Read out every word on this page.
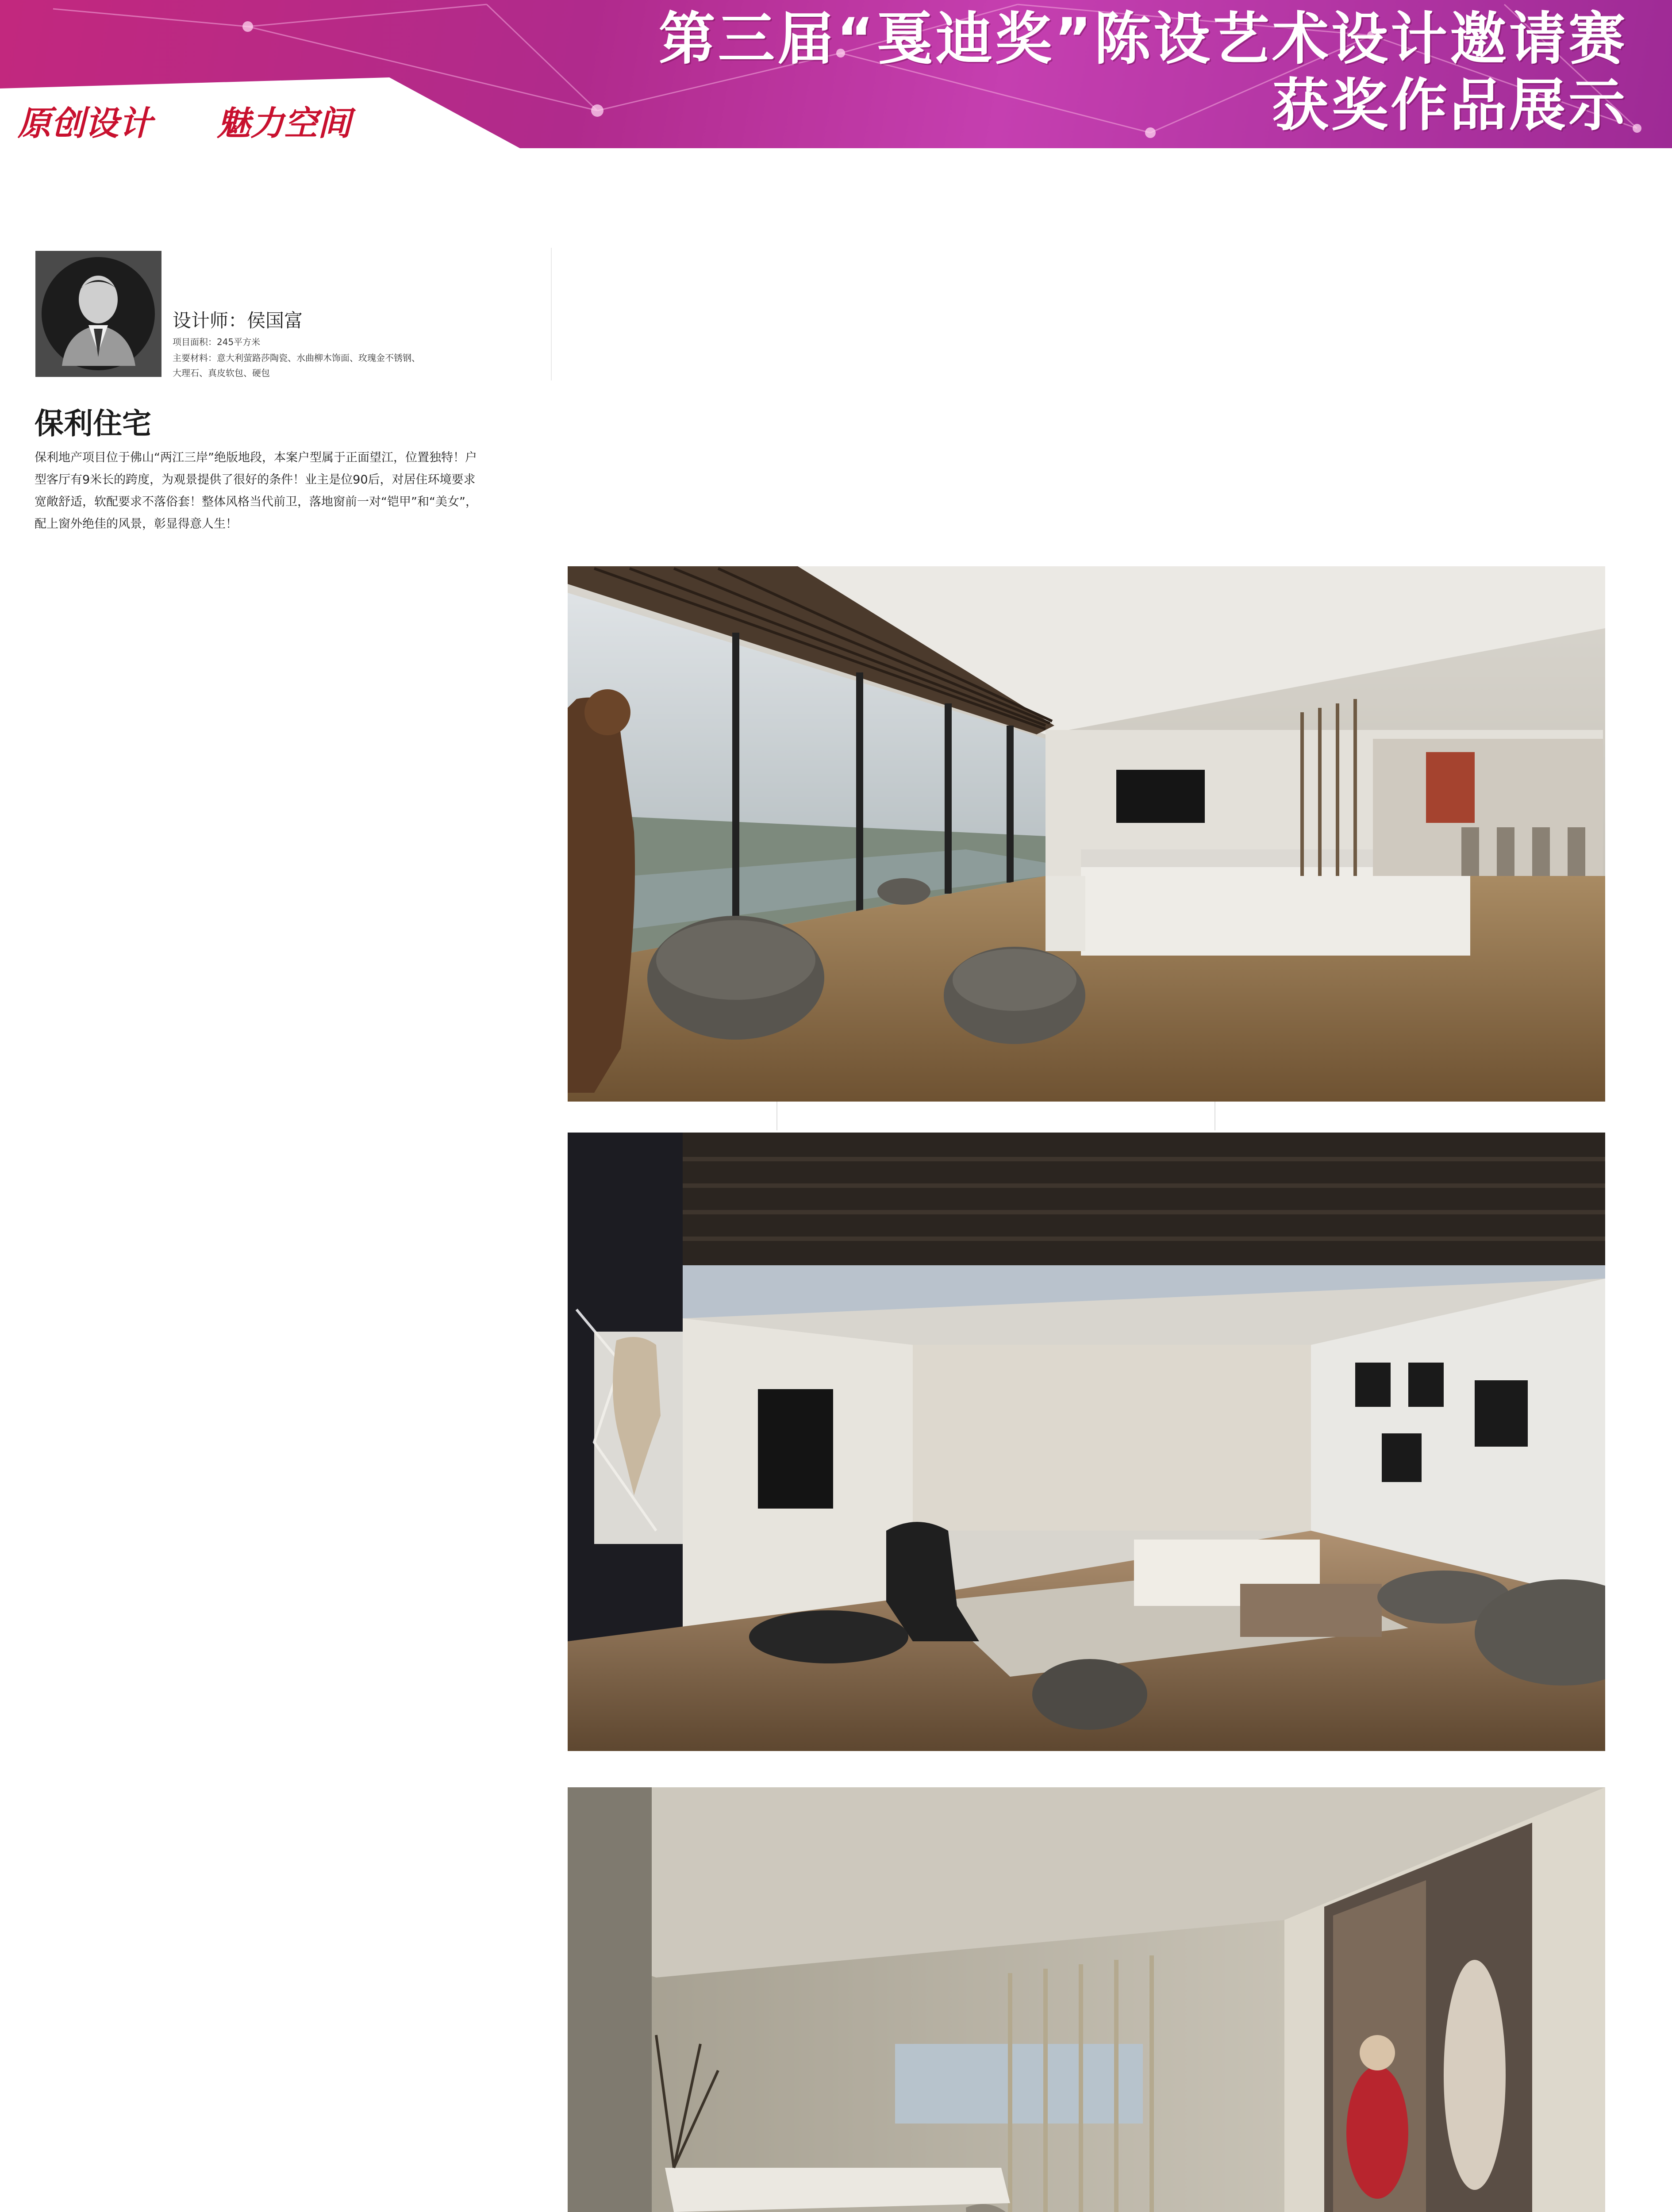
第三届“戛迪奖”陈设艺术设计邀请赛
获奖作品展示
原创设计 魅力空间
设计师：侯国富
项目面积：245平方米
主要材料：意大利萤路莎陶瓷、水曲柳木饰面、玫瑰金不锈钢、
大理石、真皮软包、硬包
保利住宅
保利地产项目位于佛山“两江三岸”绝版地段，本案户型属于正面望江，位置独特！户型客厅有9米长的跨度，为观景提供了很好的条件！业主是位90后，对居住环境要求宽敞舒适，软配要求不落俗套！整体风格当代前卫，落地窗前一对“铠甲”和“美女”，配上窗外绝佳的风景，彰显得意人生！
